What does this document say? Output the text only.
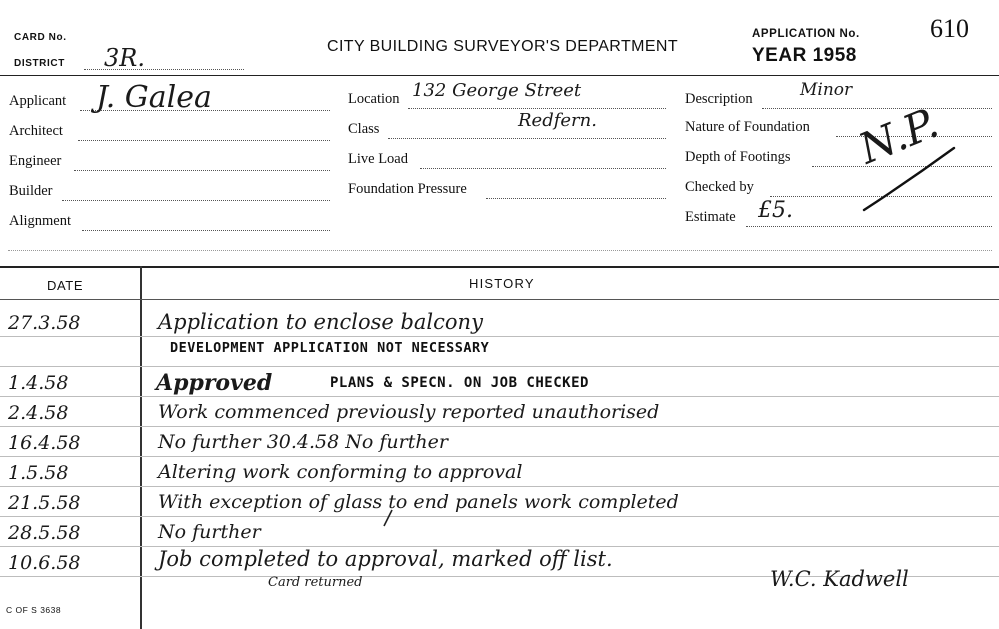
CARD No.
DISTRICT 3R.	CITY BUILDING SURVEYOR'S DEPARTMENT
APPLICATION No.	610
YEAR 1958
Applicant J. Galea
Architect
Engineer
Builder
Alignment
Location 132 George Street
Class	Redfern.
Live Load
Foundation Pressure
Description	Minor
Nature of Foundation
Depth of Footings
Checked by
Estimate £5.
N.P.
DATE	HISTORY
27.3.58	Application to enclose balcony
DEVELOPMENT APPLICATION NOT NECESSARY
1.4.58	Approved	PLANS & SPECN. ON JOB CHECKED
2.4.58	Work commenced previously reported unauthorised
16.4.58	No further 30.4.58 No further
1.5.58	Altering work conforming to approval
21.5.58	With exception of glass to end panels work completed
28.5.58	No further
10.6.58	Job completed to approval, marked off list.
Card returned	W.C. Kadwell
C OF S 3638
